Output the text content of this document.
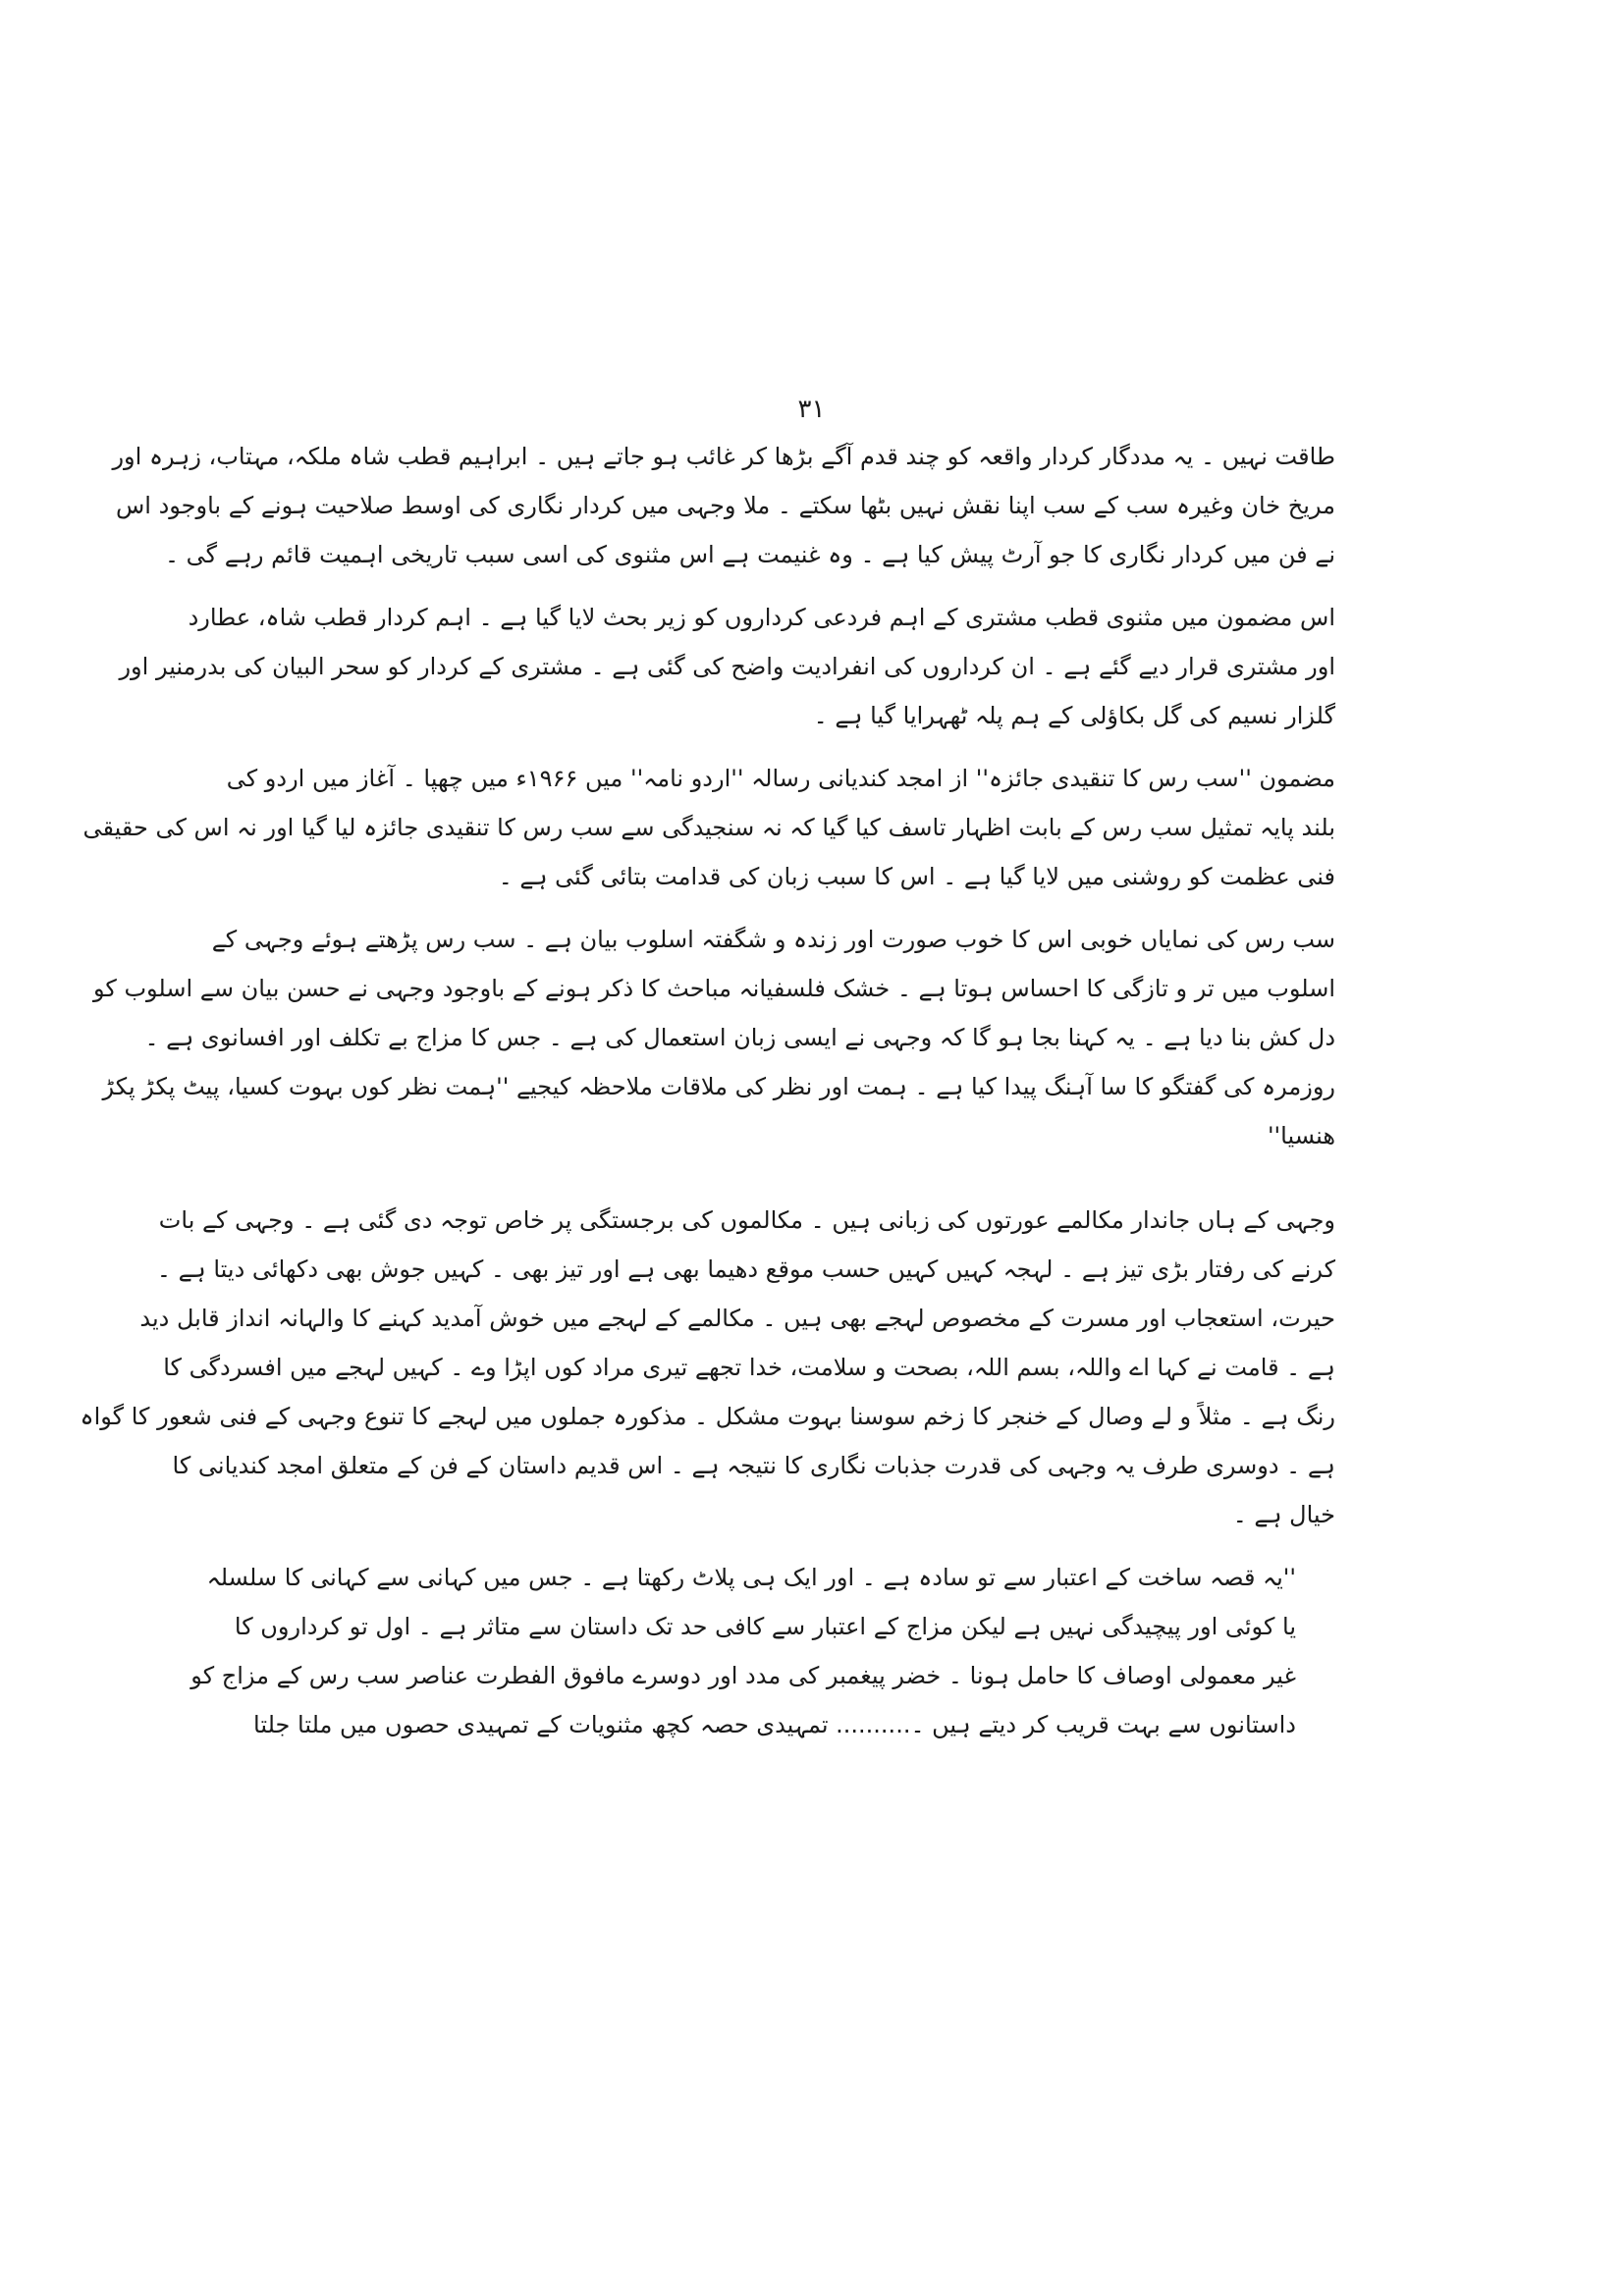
۳۱
طاقت نہیں ۔ یہ مددگار کردار واقعہ کو چند قدم آگے بڑھا کر غائب ہو جاتے ہیں ۔ ابراہیم قطب شاہ ملکہ، مہتاب، زہرہ اور
مریخ خان وغیرہ سب کے سب اپنا نقش نہیں بٹھا سکتے ۔ ملا وجہی میں کردار نگاری کی اوسط صلاحیت ہونے کے باوجود اس
نے فن میں کردار نگاری کا جو آرٹ پیش کیا ہے ۔ وہ غنیمت ہے اس مثنوی کی اسی سبب تاریخی اہمیت قائم رہے گی ۔
اس مضمون میں مثنوی قطب مشتری کے اہم فردعی کرداروں کو زیر بحث لایا گیا ہے ۔ اہم کردار قطب شاہ، عطارد
اور مشتری قرار دیے گئے ہے ۔ ان کرداروں کی انفرادیت واضح کی گئی ہے ۔ مشتری کے کردار کو سحر البیان کی بدرمنیر اور
گلزار نسیم کی گل بکاؤلی کے ہم پلہ ٹھہرایا گیا ہے ۔
مضمون ''سب رس کا تنقیدی جائزہ'' از امجد کندیانی رسالہ ''اردو نامہ'' میں ۱۹۶۶ء میں چھپا ۔ آغاز میں اردو کی
بلند پایہ تمثیل سب رس کے بابت اظہار تاسف کیا گیا کہ نہ سنجیدگی سے سب رس کا تنقیدی جائزہ لیا گیا اور نہ اس کی حقیقی
فنی عظمت کو روشنی میں لایا گیا ہے ۔ اس کا سبب زبان کی قدامت بتائی گئی ہے ۔
سب رس کی نمایاں خوبی اس کا خوب صورت اور زندہ و شگفتہ اسلوب بیان ہے ۔ سب رس پڑھتے ہوئے وجہی کے
اسلوب میں تر و تازگی کا احساس ہوتا ہے ۔ خشک فلسفیانہ مباحث کا ذکر ہونے کے باوجود وجہی نے حسن بیان سے اسلوب کو
دل کش بنا دیا ہے ۔ یہ کہنا بجا ہو گا کہ وجہی نے ایسی زبان استعمال کی ہے ۔ جس کا مزاج بے تکلف اور افسانوی ہے ۔
روزمرہ کی گفتگو کا سا آہنگ پیدا کیا ہے ۔ ہمت اور نظر کی ملاقات ملاحظہ کیجیے ''ہمت نظر کوں بہوت کسیا، پیٹ پکڑ پکڑ
ھنسیا''
وجہی کے ہاں جاندار مکالمے عورتوں کی زبانی ہیں ۔ مکالموں کی برجستگی پر خاص توجہ دی گئی ہے ۔ وجہی کے بات
کرنے کی رفتار بڑی تیز ہے ۔ لہجہ کہیں کہیں حسب موقع دھیما بھی ہے اور تیز بھی ۔ کہیں جوش بھی دکھائی دیتا ہے ۔
حیرت، استعجاب اور مسرت کے مخصوص لہجے بھی ہیں ۔ مکالمے کے لہجے میں خوش آمدید کہنے کا والہانہ انداز قابل دید
ہے ۔ قامت نے کہا اے واللہ، بسم اللہ، بصحت و سلامت، خدا تجھے تیری مراد کوں اپڑا وے ۔ کہیں لہجے میں افسردگی کا
رنگ ہے ۔ مثلاً و لے وصال کے خنجر کا زخم سوسنا بہوت مشکل ۔ مذکورہ جملوں میں لہجے کا تنوع وجہی کے فنی شعور کا گواہ
ہے ۔ دوسری طرف یہ وجہی کی قدرت جذبات نگاری کا نتیجہ ہے ۔ اس قدیم داستان کے فن کے متعلق امجد کندیانی کا
خیال ہے ۔
''یہ قصہ ساخت کے اعتبار سے تو سادہ ہے ۔ اور ایک ہی پلاٹ رکھتا ہے ۔ جس میں کہانی سے کہانی کا سلسلہ
یا کوئی اور پیچیدگی نہیں ہے لیکن مزاج کے اعتبار سے کافی حد تک داستان سے متاثر ہے ۔ اول تو کرداروں کا
غیر معمولی اوصاف کا حامل ہونا ۔ خضر پیغمبر کی مدد اور دوسرے مافوق الفطرت عناصر سب رس کے مزاج کو
داستانوں سے بہت قریب کر دیتے ہیں ۔.......... تمہیدی حصہ کچھ مثنویات کے تمہیدی حصوں میں ملتا جلتا
